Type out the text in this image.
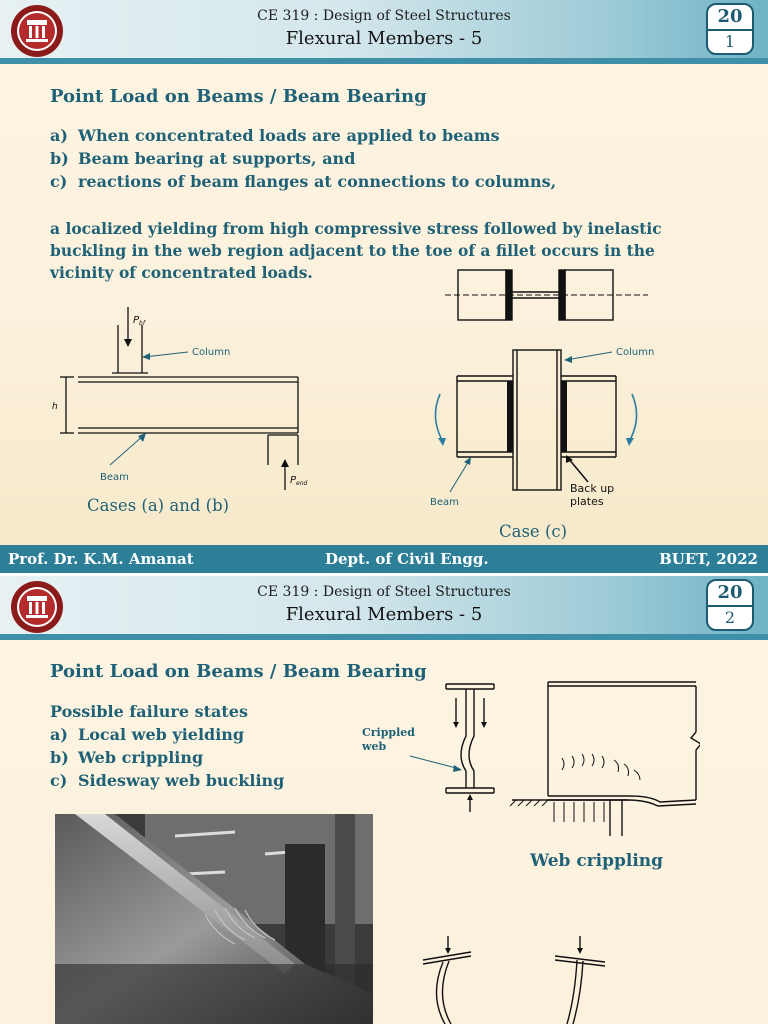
CE 319 : Design of Steel Structures
Flexural Members - 5
20
1
Point Load on Beams / Beam Bearing
a) When concentrated loads are applied to beams
b) Beam bearing at supports, and
c) reactions of beam flanges at connections to columns,
a localized yielding from high compressive stress followed by inelastic buckling in the web region adjacent to the toe of a fillet occurs in the vicinity of concentrated loads.
$P_{bf}$
$P_{end}$
h
Column
Beam
Cases (a) and (b)
Column
Beam
Back up plates
Case (c)
Prof. Dr. K.M. Amanat	Dept. of Civil Engg.	BUET, 2022
CE 319 : Design of Steel Structures
Flexural Members - 5
20
2
Point Load on Beams / Beam Bearing
Possible failure states
a) Local web yielding
b) Web crippling
c) Sidesway web buckling
Crippled web
Web crippling
